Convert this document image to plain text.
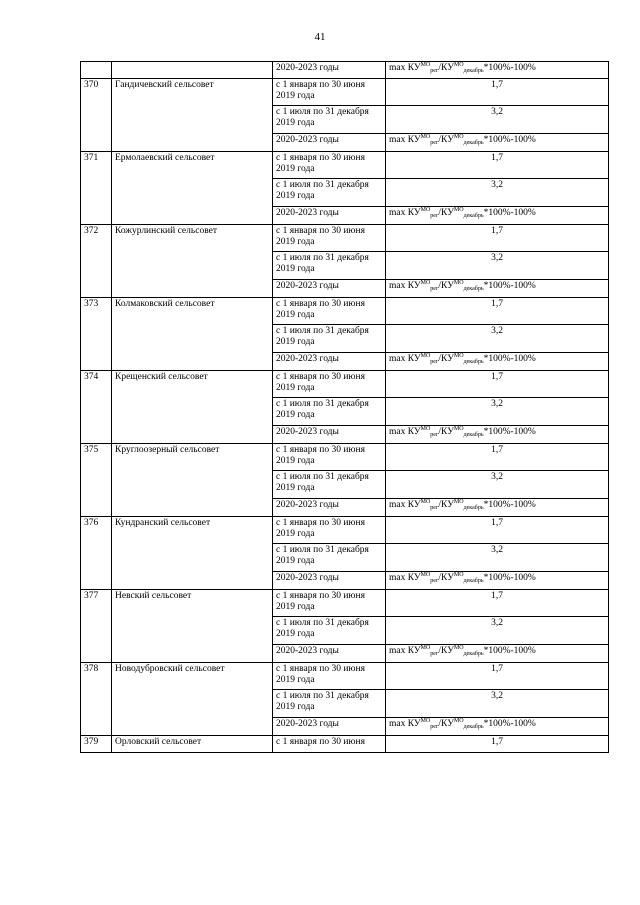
41
		2020-2023 годы	$\max КУ^{МО}_{рег}/КУ^{МО}_{декабрь}*100\%-100\%$
370	Гандичевский сельсовет	с 1 января по 30 июня 2019 года	1,7
		с 1 июля по 31 декабря 2019 года	3,2
		2020-2023 годы	$\max КУ^{МО}_{рег}/КУ^{МО}_{декабрь}*100\%-100\%$
371	Ермолаевский сельсовет	с 1 января по 30 июня 2019 года	1,7
		с 1 июля по 31 декабря 2019 года	3,2
		2020-2023 годы	$\max КУ^{МО}_{рег}/КУ^{МО}_{декабрь}*100\%-100\%$
372	Кожурлинский сельсовет	с 1 января по 30 июня 2019 года	1,7
		с 1 июля по 31 декабря 2019 года	3,2
		2020-2023 годы	$\max КУ^{МО}_{рег}/КУ^{МО}_{декабрь}*100\%-100\%$
373	Колмаковский сельсовет	с 1 января по 30 июня 2019 года	1,7
		с 1 июля по 31 декабря 2019 года	3,2
		2020-2023 годы	$\max КУ^{МО}_{рег}/КУ^{МО}_{декабрь}*100\%-100\%$
374	Крещенский сельсовет	с 1 января по 30 июня 2019 года	1,7
		с 1 июля по 31 декабря 2019 года	3,2
		2020-2023 годы	$\max КУ^{МО}_{рег}/КУ^{МО}_{декабрь}*100\%-100\%$
375	Круглоозерный сельсовет	с 1 января по 30 июня 2019 года	1,7
		с 1 июля по 31 декабря 2019 года	3,2
		2020-2023 годы	$\max КУ^{МО}_{рег}/КУ^{МО}_{декабрь}*100\%-100\%$
376	Кундранский сельсовет	с 1 января по 30 июня 2019 года	1,7
		с 1 июля по 31 декабря 2019 года	3,2
		2020-2023 годы	$\max КУ^{МО}_{рег}/КУ^{МО}_{декабрь}*100\%-100\%$
377	Невский сельсовет	с 1 января по 30 июня 2019 года	1,7
		с 1 июля по 31 декабря 2019 года	3,2
		2020-2023 годы	$\max КУ^{МО}_{рег}/КУ^{МО}_{декабрь}*100\%-100\%$
378	Новодубровский сельсовет	с 1 января по 30 июня 2019 года	1,7
		с 1 июля по 31 декабря 2019 года	3,2
		2020-2023 годы	$\max КУ^{МО}_{рег}/КУ^{МО}_{декабрь}*100\%-100\%$
379	Орловский сельсовет	с 1 января по 30 июня	1,7
